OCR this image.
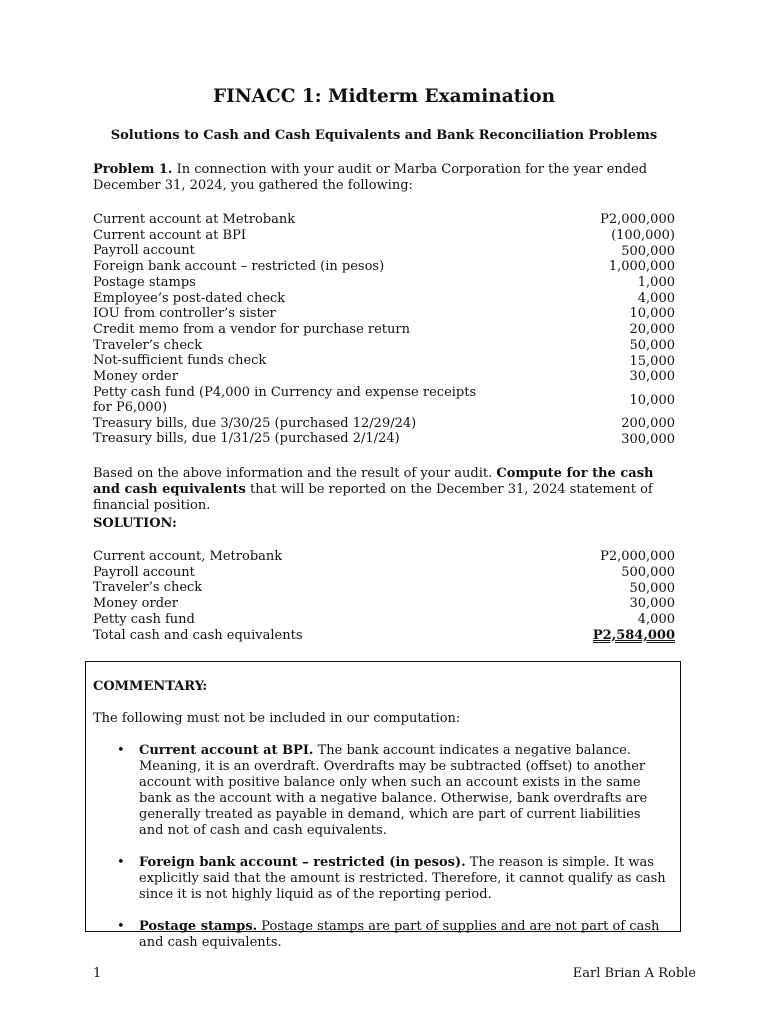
FINACC 1: Midterm Examination
Solutions to Cash and Cash Equivalents and Bank Reconciliation Problems
Problem 1. In connection with your audit or Marba Corporation for the year ended December 31, 2024, you gathered the following:
Current account at Metrobank	P2,000,000
Current account at BPI	(100,000)
Payroll account	500,000
Foreign bank account – restricted (in pesos)	1,000,000
Postage stamps	1,000
Employee’s post-dated check	4,000
IOU from controller’s sister	10,000
Credit memo from a vendor for purchase return	20,000
Traveler’s check	50,000
Not-sufficient funds check	15,000
Money order	30,000
Petty cash fund (P4,000 in Currency and expense receipts
for P6,000)	10,000
Treasury bills, due 3/30/25 (purchased 12/29/24)	200,000
Treasury bills, due 1/31/25 (purchased 2/1/24)	300,000
Based on the above information and the result of your audit. Compute for the cash and cash equivalents that will be reported on the December 31, 2024 statement of financial position.
SOLUTION:
Current account, Metrobank	P2,000,000
Payroll account	500,000
Traveler’s check	50,000
Money order	30,000
Petty cash fund	4,000
Total cash and cash equivalents	P2,584,000
COMMENTARY:
The following must not be included in our computation:
• Current account at BPI. The bank account indicates a negative balance. Meaning, it is an overdraft. Overdrafts may be subtracted (offset) to another account with positive balance only when such an account exists in the same bank as the account with a negative balance. Otherwise, bank overdrafts are generally treated as payable in demand, which are part of current liabilities and not of cash and cash equivalents.
• Foreign bank account – restricted (in pesos). The reason is simple. It was explicitly said that the amount is restricted. Therefore, it cannot qualify as cash since it is not highly liquid as of the reporting period.
• Postage stamps. Postage stamps are part of supplies and are not part of cash and cash equivalents.
1	Earl Brian A Roble
